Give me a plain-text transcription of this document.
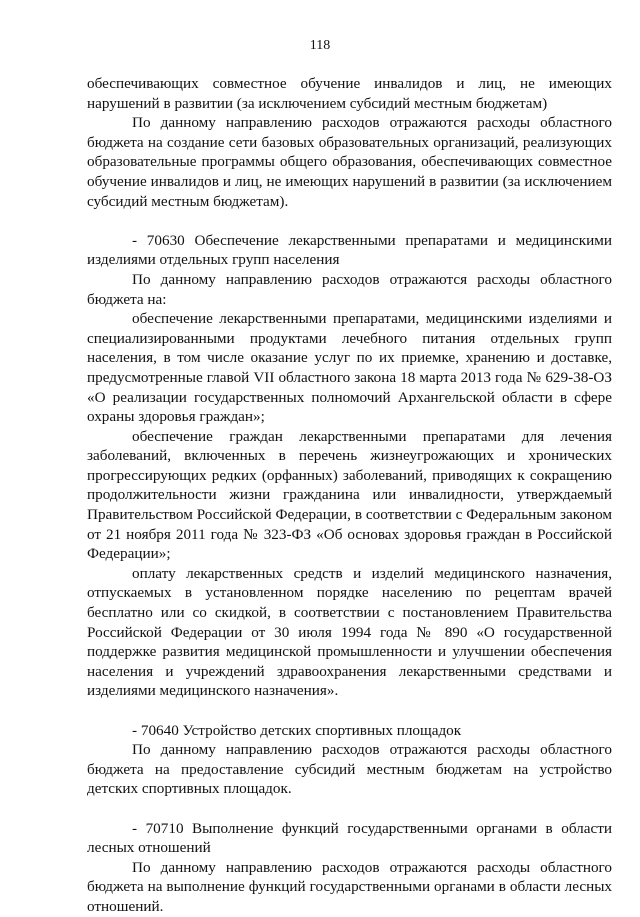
118

обеспечивающих совместное обучение инвалидов и лиц, не имеющих нарушений в развитии (за исключением субсидий местным бюджетам)

По данному направлению расходов отражаются расходы областного бюджета на создание сети базовых образовательных организаций, реализующих образовательные программы общего образования, обеспечивающих совместное обучение инвалидов и лиц, не имеющих нарушений в развитии (за исключением субсидий местным бюджетам).

- 70630 Обеспечение лекарственными препаратами и медицинскими изделиями отдельных групп населения

По данному направлению расходов отражаются расходы областного бюджета на:

обеспечение лекарственными препаратами, медицинскими изделиями и специализированными продуктами лечебного питания отдельных групп населения, в том числе оказание услуг по их приемке, хранению и доставке, предусмотренные главой VII областного закона 18 марта 2013 года № 629-38-ОЗ «О реализации государственных полномочий Архангельской области в сфере охраны здоровья граждан»;

обеспечение граждан лекарственными препаратами для лечения заболеваний, включенных в перечень жизнеугрожающих и хронических прогрессирующих редких (орфанных) заболеваний, приводящих к сокращению продолжительности жизни гражданина или инвалидности, утверждаемый Правительством Российской Федерации, в соответствии с Федеральным законом от 21 ноября 2011 года № 323-ФЗ «Об основах здоровья граждан в Российской Федерации»;

оплату лекарственных средств и изделий медицинского назначения, отпускаемых в установленном порядке населению по рецептам врачей бесплатно или со скидкой, в соответствии с постановлением Правительства Российской Федерации от 30 июля 1994 года № 890 «О государственной поддержке развития медицинской промышленности и улучшении обеспечения населения и учреждений здравоохранения лекарственными средствами и изделиями медицинского назначения».

- 70640 Устройство детских спортивных площадок

По данному направлению расходов отражаются расходы областного бюджета на предоставление субсидий местным бюджетам на устройство детских спортивных площадок.

- 70710 Выполнение функций государственными органами в области лесных отношений

По данному направлению расходов отражаются расходы областного бюджета на выполнение функций государственными органами в области лесных отношений.
